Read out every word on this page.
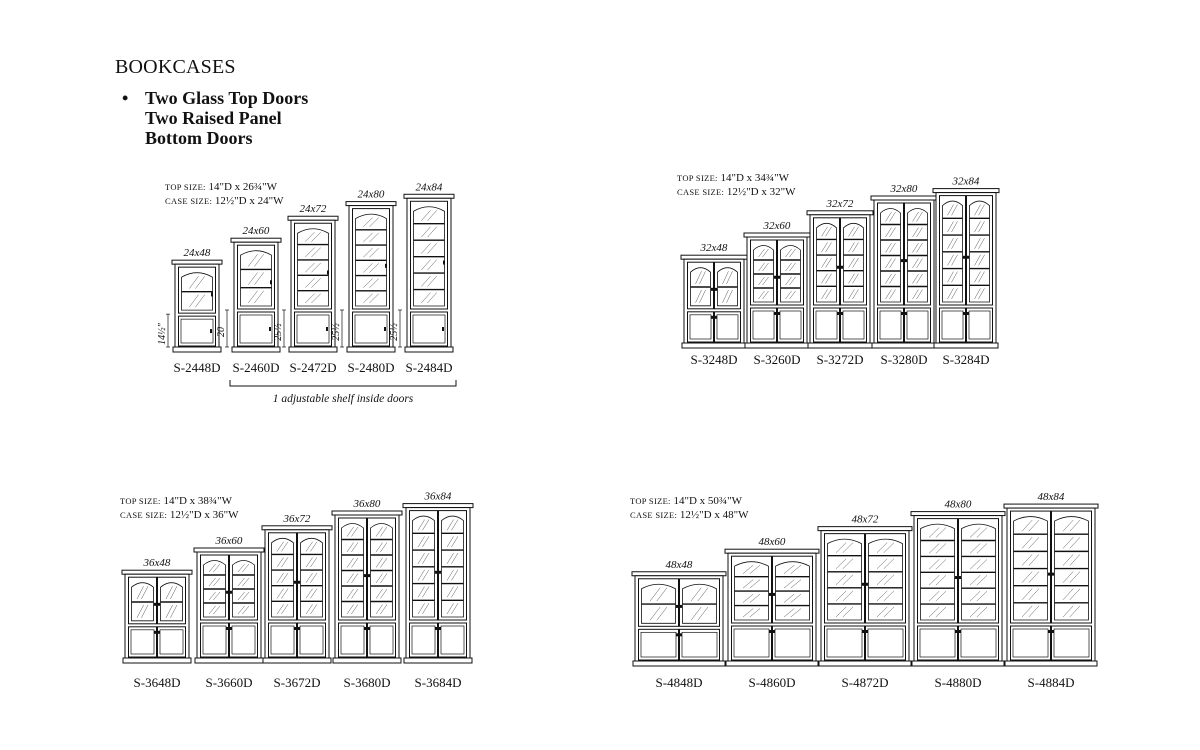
BOOKCASES
• Two Glass Top Doors
Two Raised Panel
Bottom Doors
TOP SIZE: 14"D x 26¾"W
CASE SIZE: 12½"D x 24"W
TOP SIZE: 14"D x 34¾"W
CASE SIZE: 12½"D x 32"W
TOP SIZE: 14"D x 38¾"W
CASE SIZE: 12½"D x 36"W
TOP SIZE: 14"D x 50¾"W
CASE SIZE: 12½"D x 48"W
14½"
24x48
S-2448D
20
24x60
S-2460D
25½
24x72
S-2472D
25½
24x80
S-2480D
25½
24x84
S-2484D
1 adjustable shelf inside doors
32x48
S-3248D
32x60
S-3260D
32x72
S-3272D
32x80
S-3280D
32x84
S-3284D
36x48
S-3648D
36x60
S-3660D
36x72
S-3672D
36x80
S-3680D
36x84
S-3684D
48x48
S-4848D
48x60
S-4860D
48x72
S-4872D
48x80
S-4880D
48x84
S-4884D
